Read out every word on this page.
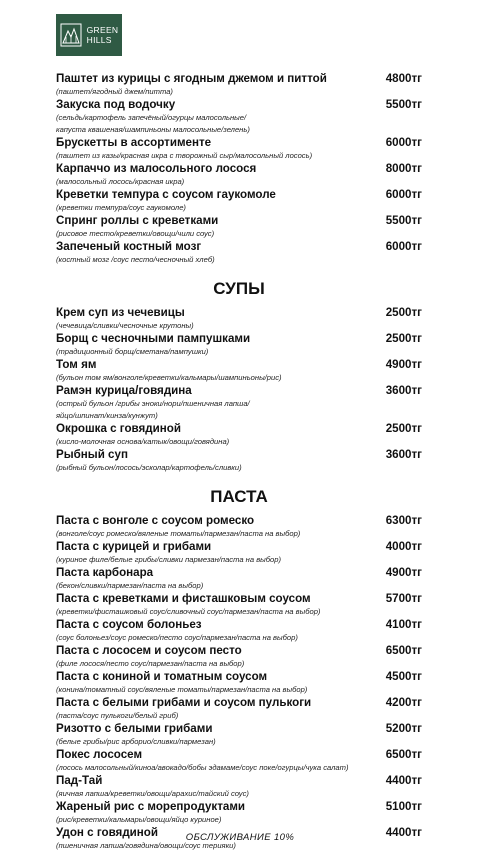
GREEN
HILLS
Паштет из курицы с ягодным джемом и питтой	4800тг
(паштет/ягодный джем/питта)
Закуска под водочку	5500тг
(сельдь/картофель запечёный/огурцы малосольные/
капуста квашеная/шампиньоны малосольные/зелень)
Брускетты в ассортименте	6000тг
(паштет из казы/красная икра с творожный сыр/малосольный лосось)
Карпаччо из малосольного лосося	8000тг
(малосольный лосось/красная икра)
Креветки темпура с соусом гаукомоле	6000тг
(креветки темпура/соус гаукомоле)
Спринг роллы с креветками	5500тг
(рисовое тесто/креветки/овощи/чили соус)
Запеченый костный мозг	6000тг
(костный мозг /соус песто/чесночный хлеб)
СУПЫ
Крем суп из чечевицы	2500тг
(чечевица/сливки/чесночные крутоны)
Борщ с чесночными пампушками	2500тг
(традиционный борщ/сметана/пампушки)
Том ям	4900тг
(бульон том ям/вонголе/креветки/кальмары/шампиньоны/рис)
Рамэн курица/говядина	3600тг
(острый бульон /грибы эноки/нори/пшеничная лапша/
яйцо/шпинат/кинза/кунжут)
Окрошка с говядиной	2500тг
(кисло-молочная основа/катык/овощи/говядина)
Рыбный суп	3600тг
(рыбный бульон/лосось/эсколар/картофель/сливки)
ПАСТА
Паста с вонголе с соусом ромеско	6300тг
(вонголе/соус ромеско/вяленые томаты/пармезан/паста на выбор)
Паста с курицей и грибами	4000тг
(куриное филе/белые грибы/сливки пармезан/паста на выбор)
Паста карбонара	4900тг
(бекон/сливки/пармезан/паста на выбор)
Паста с креветками и фисташковым соусом	5700тг
(креветки/фисташковый соус/сливочный соус/пармезан/паста на выбор)
Паста с соусом болоньез	4100тг
(соус болоньез/соус ромеско/песто соус/пармезан/паста на выбор)
Паста с лососем и соусом песто	6500тг
(филе лосося/песто соус/пармезан/паста на выбор)
Паста с кониной и томатным соусом	4500тг
(конина/томатный соус/вяленые томаты/пармезан/паста на выбор)
Паста с белыми грибами и соусом пулькоги	4200тг
(паста/соус пулькоги/белый гриб)
Ризотто с белыми грибами	5200тг
(белые грибы/рис арборио/сливки/пармезан)
Покес лососем	6500тг
(лосось малосольный/киноа/авокадо/бобы эдамаме/соус поке/огурцы/чука салат)
Пад-Тай	4400тг
(яичная лапша/креветки/овощи/арахис/тайский соус)
Жареный рис с морепродуктами	5100тг
(рис/креветки/кальмары/овощи/яйцо куриное)
Удон с говядиной	4400тг
(пшеничная лапша/говядина/овощи/соус терияки)
ОБСЛУЖИВАНИЕ 10%
